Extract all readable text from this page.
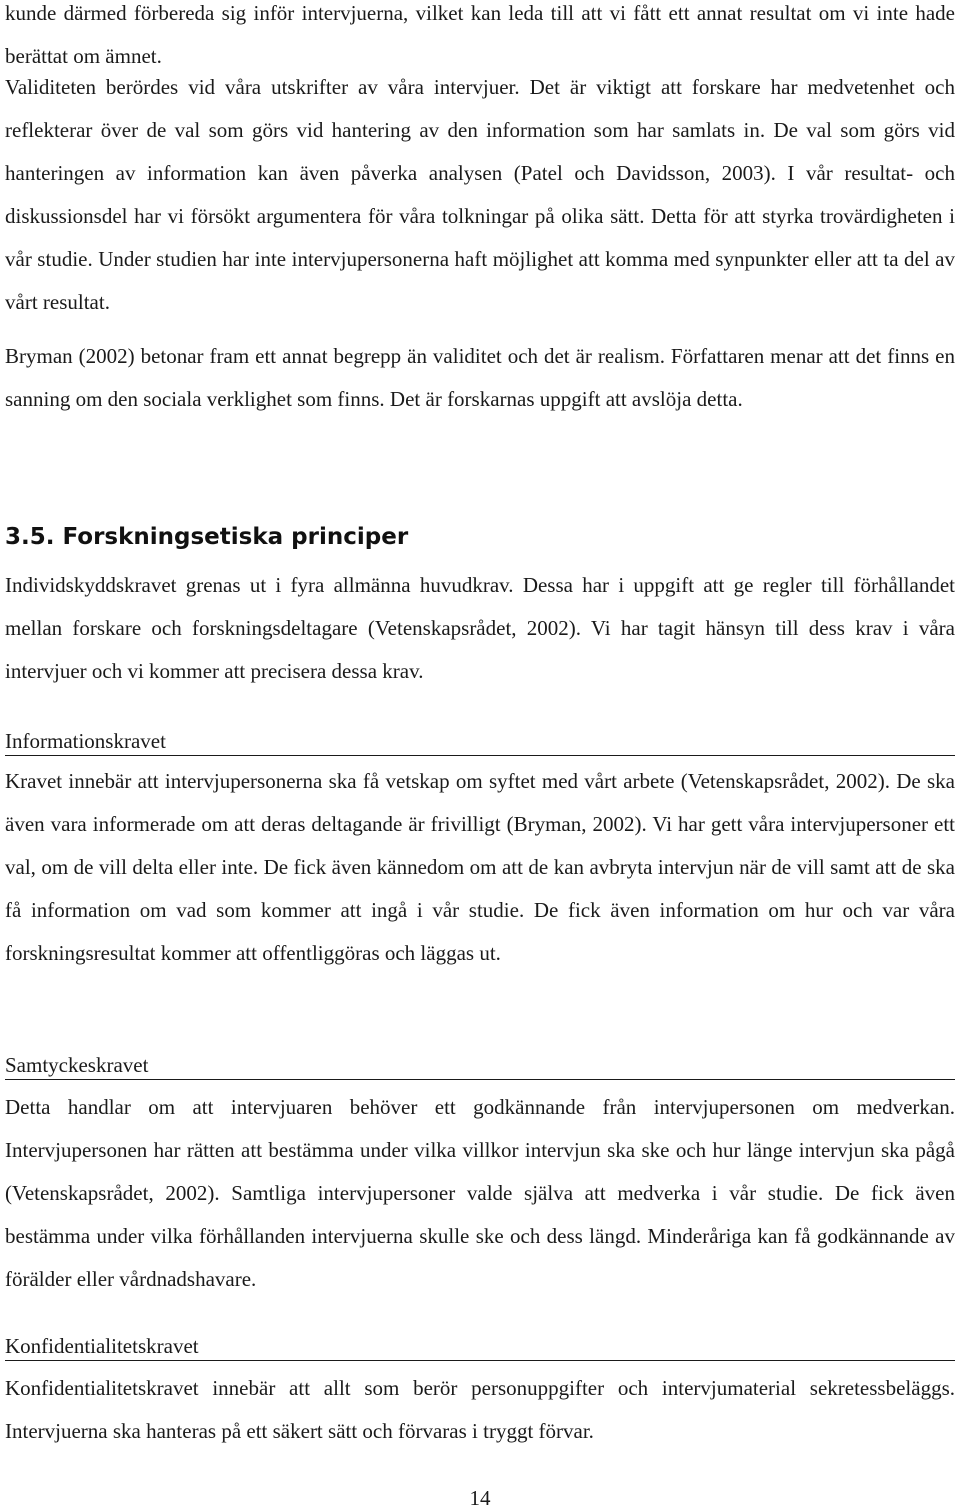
kunde därmed förbereda sig inför intervjuerna, vilket kan leda till att vi fått ett annat resultat om vi inte hade berättat om ämnet.

Validiteten berördes vid våra utskrifter av våra intervjuer. Det är viktigt att forskare har medvetenhet och reflekterar över de val som görs vid hantering av den information som har samlats in. De val som görs vid hanteringen av information kan även påverka analysen (Patel och Davidsson, 2003). I vår resultat- och diskussionsdel har vi försökt argumentera för våra tolkningar på olika sätt. Detta för att styrka trovärdigheten i vår studie. Under studien har inte intervjupersonerna haft möjlighet att komma med synpunkter eller att ta del av vårt resultat.

Bryman (2002) betonar fram ett annat begrepp än validitet och det är realism. Författaren menar att det finns en sanning om den sociala verklighet som finns. Det är forskarnas uppgift att avslöja detta.

3.5. Forskningsetiska principer

Individskyddskravet grenas ut i fyra allmänna huvudkrav. Dessa har i uppgift att ge regler till förhållandet mellan forskare och forskningsdeltagare (Vetenskapsrådet, 2002). Vi har tagit hänsyn till dess krav i våra intervjuer och vi kommer att precisera dessa krav.

Informationskravet

Kravet innebär att intervjupersonerna ska få vetskap om syftet med vårt arbete (Vetenskapsrådet, 2002). De ska även vara informerade om att deras deltagande är frivilligt (Bryman, 2002). Vi har gett våra intervjupersoner ett val, om de vill delta eller inte. De fick även kännedom om att de kan avbryta intervjun när de vill samt att de ska få information om vad som kommer att ingå i vår studie. De fick även information om hur och var våra forskningsresultat kommer att offentliggöras och läggas ut.

Samtyckeskravet

Detta handlar om att intervjuaren behöver ett godkännande från intervjupersonen om medverkan. Intervjupersonen har rätten att bestämma under vilka villkor intervjun ska ske och hur länge intervjun ska pågå (Vetenskapsrådet, 2002). Samtliga intervjupersoner valde själva att medverka i vår studie. De fick även bestämma under vilka förhållanden intervjuerna skulle ske och dess längd. Minderåriga kan få godkännande av förälder eller vårdnadshavare.

Konfidentialitetskravet

Konfidentialitetskravet innebär att allt som berör personuppgifter och intervjumaterial sekretessbeläggs. Intervjuerna ska hanteras på ett säkert sätt och förvaras i tryggt förvar.

14
